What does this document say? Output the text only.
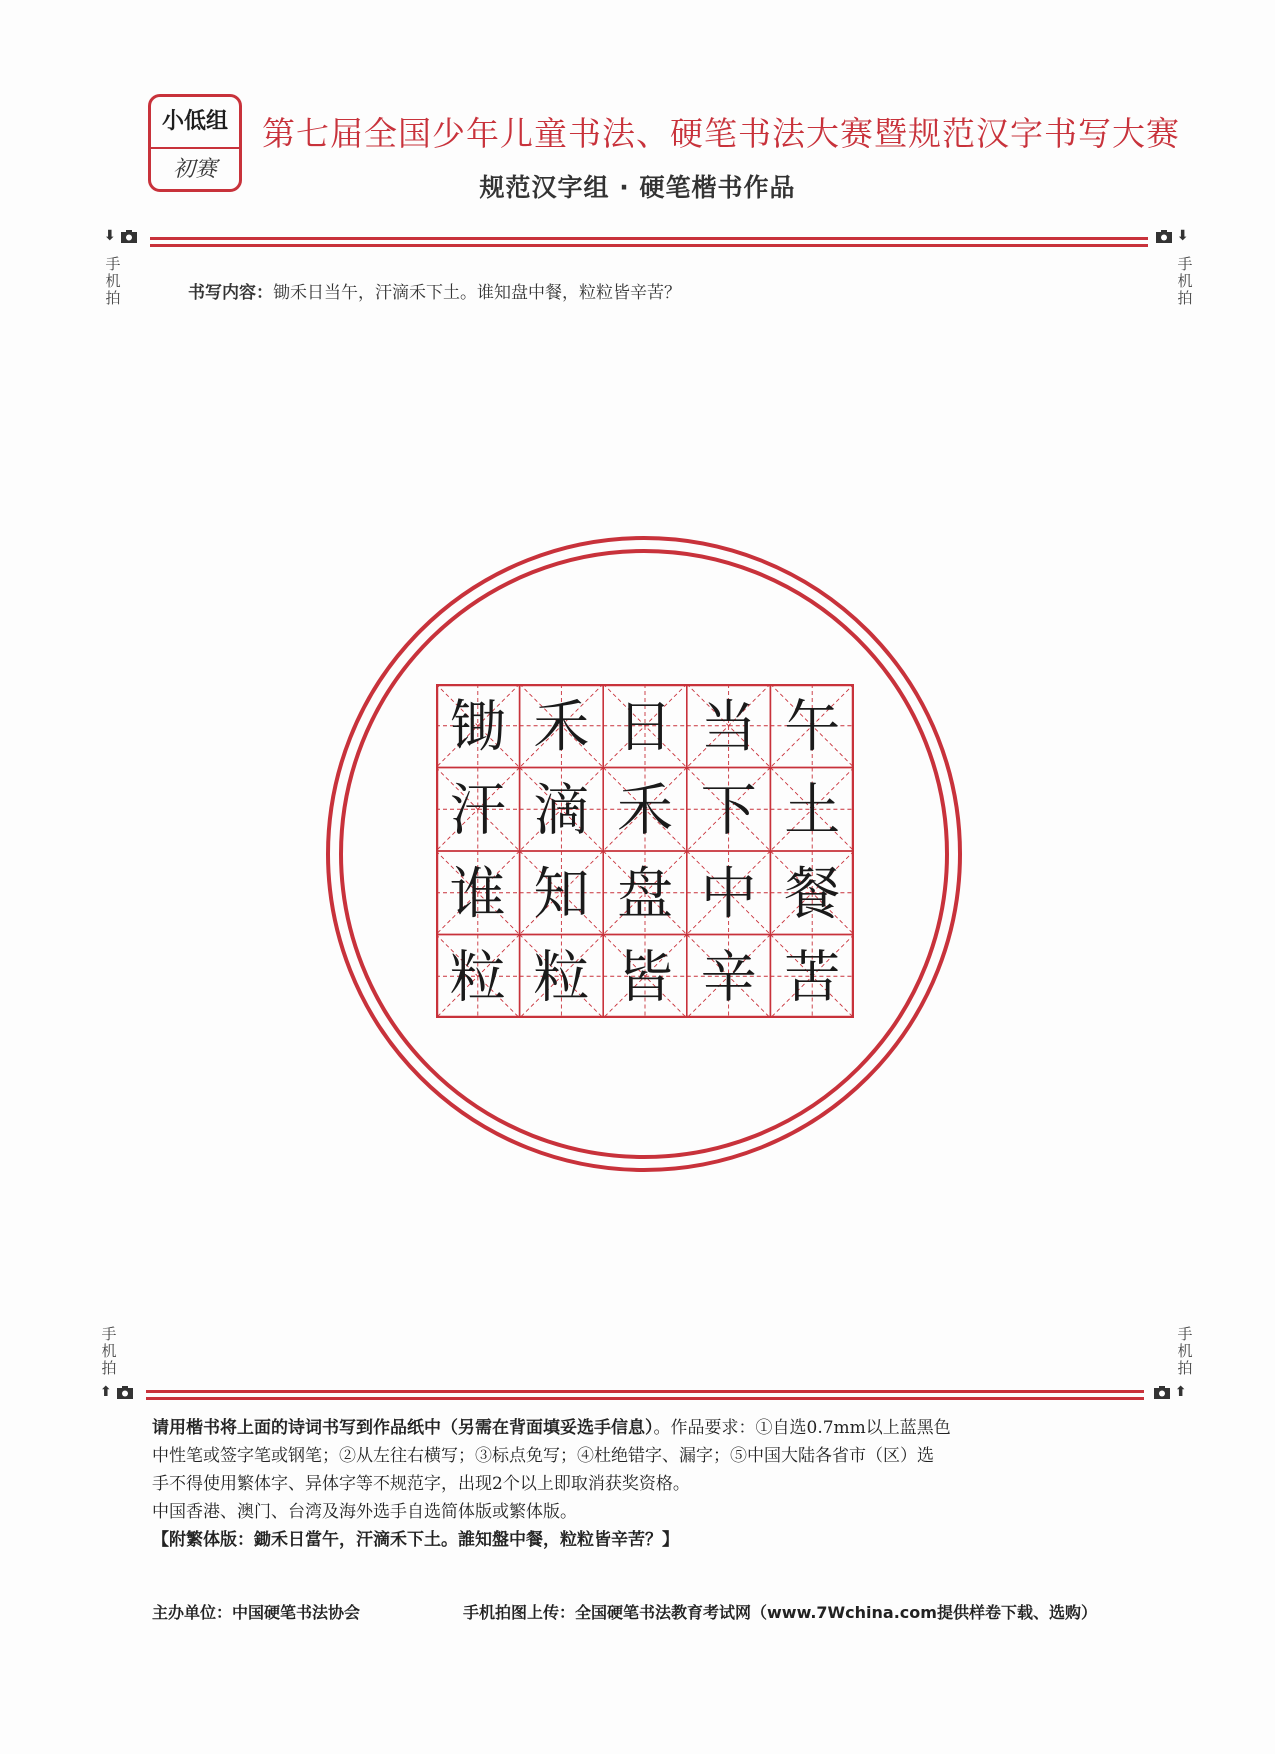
小低组
初赛
第七届全国少年儿童书法、硬笔书法大赛暨规范汉字书写大赛
规范汉字组 · 硬笔楷书作品
⬇	⬇
手机拍
手机拍
书写内容：锄禾日当午，汗滴禾下土。谁知盘中餐，粒粒皆辛苦？
锄 禾 日 当 午
汗 滴 禾 下 土
谁 知 盘 中 餐
粒 粒 皆 辛 苦
手机拍
手机拍
⬆	⬆

请用楷书将上面的诗词书写到作品纸中（另需在背面填妥选手信息）。作品要求：①自选0.7mm以上蓝黑色

中性笔或签字笔或钢笔；②从左往右横写；③标点免写；④杜绝错字、漏字；⑤中国大陆各省市（区）选

手不得使用繁体字、异体字等不规范字，出现2个以上即取消获奖资格。

中国香港、澳门、台湾及海外选手自选简体版或繁体版。

【附繁体版：鋤禾日當午，汗滴禾下土。誰知盤中餐，粒粒皆辛苦？】

主办单位：中国硬笔书法协会	手机拍图上传：全国硬笔书法教育考试网（www.7Wchina.com提供样卷下载、选购）
